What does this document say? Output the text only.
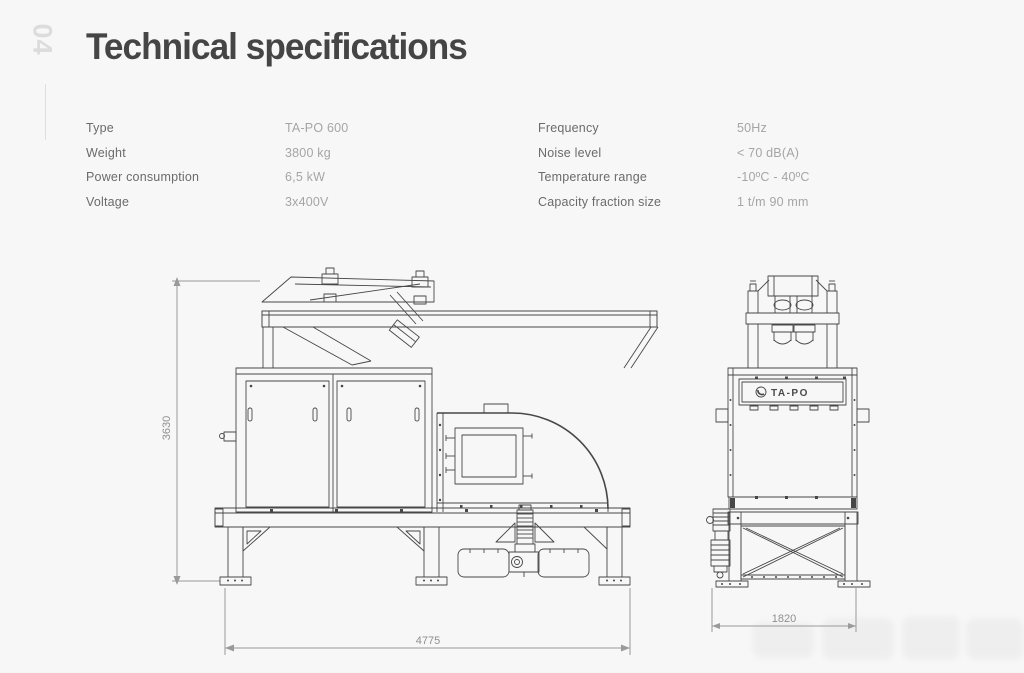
04 Technical specifications
Type	TA-PO 600
Weight	3800 kg
Power consumption	6,5 kW
Voltage	3x400V
Frequency	50Hz
Noise level	< 70 dB(A)
Temperature range	-10ºC - 40ºC
Capacity fraction size	1 t/m 90 mm
3630
4775
1820
TA-PO
